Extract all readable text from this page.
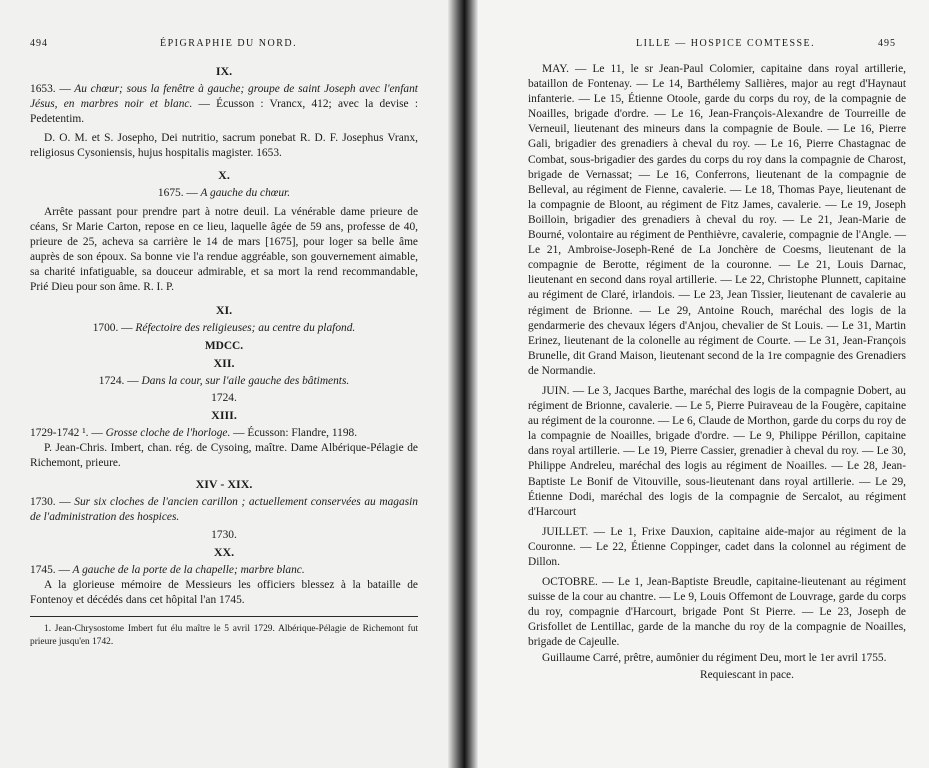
494	ÉPIGRAPHIE DU NORD.
IX.

1653. — Au chœur; sous la fenêtre à gauche; groupe de saint Joseph avec l'enfant Jésus, en marbres noir et blanc. — Écusson : Vrancx, 412; avec la devise : Pedetentim.

D. O. M. et S. Josepho, Dei nutritio, sacrum ponebat R. D. F. Josephus Vranx, religiosus Cysoniensis, hujus hospitalis magister. 1653.

X.

1675. — A gauche du chœur.

Arrête passant pour prendre part à notre deuil. La vénérable dame prieure de céans, Sr Marie Carton, repose en ce lieu, laquelle âgée de 59 ans, professe de 40, prieure de 25, acheva sa carrière le 14 de mars [1675], pour loger sa belle âme auprès de son époux. Sa bonne vie l'a rendue aggréable, son gouvernement aimable, sa charité infatiguable, sa douceur admirable, et sa mort la rend recommandable, Prié Dieu pour son âme. R. I. P.

XI.

1700. — Réfectoire des religieuses; au centre du plafond.

MDCC.
XII.

1724. — Dans la cour, sur l'aile gauche des bâtiments.

1724.
XIII.

1729-1742 ¹. — Grosse cloche de l'horloge. — Écusson: Flandre, 1198.

P. Jean-Chris. Imbert, chan. rég. de Cysoing, maître. Dame Albérique-Pélagie de Richemont, prieure.

XIV - XIX.

1730. — Sur six cloches de l'ancien carillon ; actuellement conservées au magasin de l'administration des hospices.

1730.
XX.

1745. — A gauche de la porte de la chapelle; marbre blanc.

A la glorieuse mémoire de Messieurs les officiers blessez à la bataille de Fontenoy et décédés dans cet hôpital l'an 1745.

1. Jean-Chrysostome Imbert fut élu maître le 5 avril 1729. Albérique-Pélagie de Richemont fut prieure jusqu'en 1742.

LILLE — HOSPICE COMTESSE.	495

MAY. — Le 11, le sr Jean-Paul Colomier, capitaine dans royal artillerie, bataillon de Fontenay. — Le 14, Barthélemy Sallières, major au regt d'Haynaut infanterie. — Le 15, Étienne Otoole, garde du corps du roy, de la compagnie de Noailles, brigade d'ordre. — Le 16, Jean-François-Alexandre de Tourreille de Verneuil, lieutenant des mineurs dans la compagnie de Boule. — Le 16, Pierre Gali, brigadier des grenadiers à cheval du roy. — Le 16, Pierre Chastagnac de Combat, sous-brigadier des gardes du corps du roy dans la compagnie de Charost, brigade de Vernassat; — Le 16, Conferrons, lieutenant de la compagnie de Belleval, au régiment de Fienne, cavalerie. — Le 18, Thomas Paye, lieutenant de la compagnie de Bloont, au régiment de Fitz James, cavalerie. — Le 19, Joseph Boilloin, brigadier des grenadiers à cheval du roy. — Le 21, Jean-Marie de Bourné, volontaire au régiment de Penthièvre, cavalerie, compagnie de l'Angle. — Le 21, Ambroise-Joseph-René de La Jonchère de Coesms, lieutenant de la compagnie de Berotte, régiment de la couronne. — Le 21, Louis Darnac, lieutenant en second dans royal artillerie. — Le 22, Christophe Plunnett, capitaine au régiment de Claré, irlandois. — Le 23, Jean Tissier, lieutenant de cavalerie au régiment de Brionne. — Le 29, Antoine Rouch, maréchal des logis de la gendarmerie des chevaux légers d'Anjou, chevalier de St Louis. — Le 31, Martin Erinez, lieutenant de la colonelle au régiment de Courte. — Le 31, Jean-François Brunelle, dit Grand Maison, lieutenant second de la 1re compagnie des Grenadiers de Normandie.

JUIN. — Le 3, Jacques Barthe, maréchal des logis de la compagnie Dobert, au régiment de Brionne, cavalerie. — Le 5, Pierre Puiraveau de la Fougère, capitaine au régiment de la couronne. — Le 6, Claude de Morthon, garde du corps du roy de la compagnie de Noailles, brigade d'ordre. — Le 9, Philippe Périllon, capitaine dans royal artillerie. — Le 19, Pierre Cassier, grenadier à cheval du roy. — Le 30, Philippe Andreleu, maréchal des logis au régiment de Noailles. — Le 28, Jean-Baptiste Le Bonif de Vitouville, sous-lieutenant dans royal artillerie. — Le 29, Étienne Dodi, maréchal des logis de la compagnie de Sercalot, au régiment d'Harcourt

JUILLET. — Le 1, Frixe Dauxion, capitaine aide-major au régiment de la Couronne. — Le 22, Étienne Coppinger, cadet dans la colonnel au régiment de Dillon.

OCTOBRE. — Le 1, Jean-Baptiste Breudle, capitaine-lieutenant au régiment suisse de la cour au chantre. — Le 9, Louis Offemont de Louvrage, garde du corps du roy, compagnie d'Harcourt, brigade Pont St Pierre. — Le 23, Joseph de Grisfollet de Lentillac, garde de la manche du roy de la compagnie de Noailles, brigade de Cajeulle.

Guillaume Carré, prêtre, aumônier du régiment Deu, mort le 1er avril 1755.

Requiescant in pace.
